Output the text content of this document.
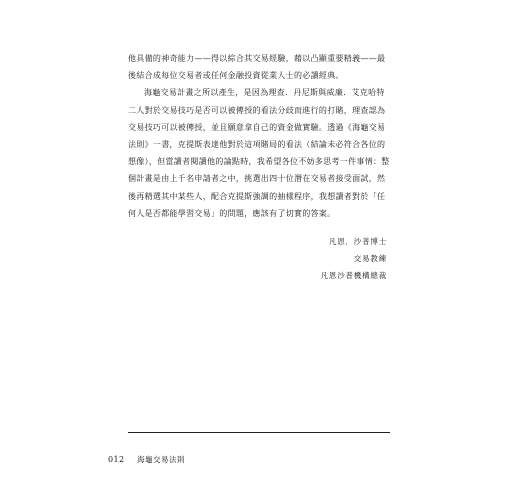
他具備的神奇能力——得以綜合其交易經驗，藉以凸顯重要精義——最後結合成每位交易者或任何金融投資從業人士的必讀經典。

海龜交易計畫之所以產生，是因為理查．丹尼斯與威廉．艾克哈特二人對於交易技巧是否可以被傳授的看法分歧而進行的打賭，理查認為交易技巧可以被傳授，並且願意拿自己的資金做實驗。透過《海龜交易法則》一書，克提斯表達他對於這項賭局的看法（結論未必符合各位的想像），但當讀者閱讀他的論點時，我希望各位不妨多思考一件事情：整個計畫是由上千名申請者之中，挑選出四十位潛在交易者接受面試，然後再精選其中某些人，配合克提斯強調的抽樣程序，我想讀者對於「任何人是否都能學習交易」的問題，應該有了切實的答案。

凡恩．沙普博士
交易教練
凡恩沙普機構總裁
012 海龜交易法則
